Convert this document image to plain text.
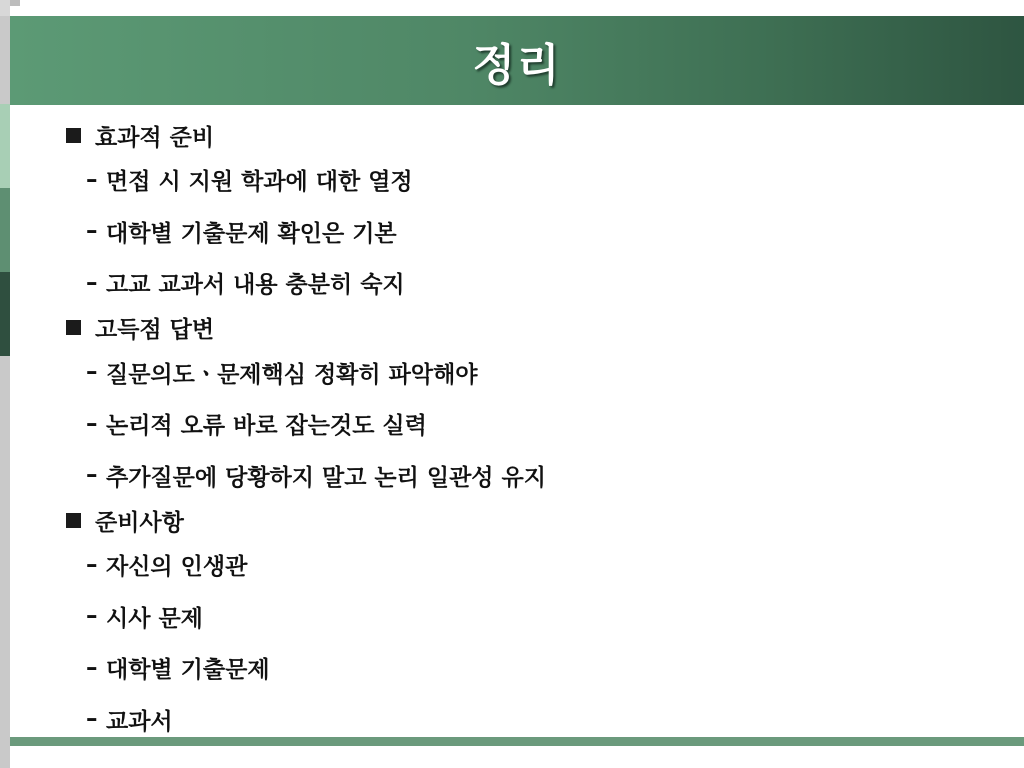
정리
효과적 준비
– 면접 시 지원 학과에 대한 열정
– 대학별 기출문제 확인은 기본
– 고교 교과서 내용 충분히 숙지
고득점 답변
– 질문의도ㆍ문제핵심 정확히 파악해야
– 논리적 오류 바로 잡는것도 실력
– 추가질문에 당황하지 말고 논리 일관성 유지
준비사항
– 자신의 인생관
– 시사 문제
– 대학별 기출문제
– 교과서
